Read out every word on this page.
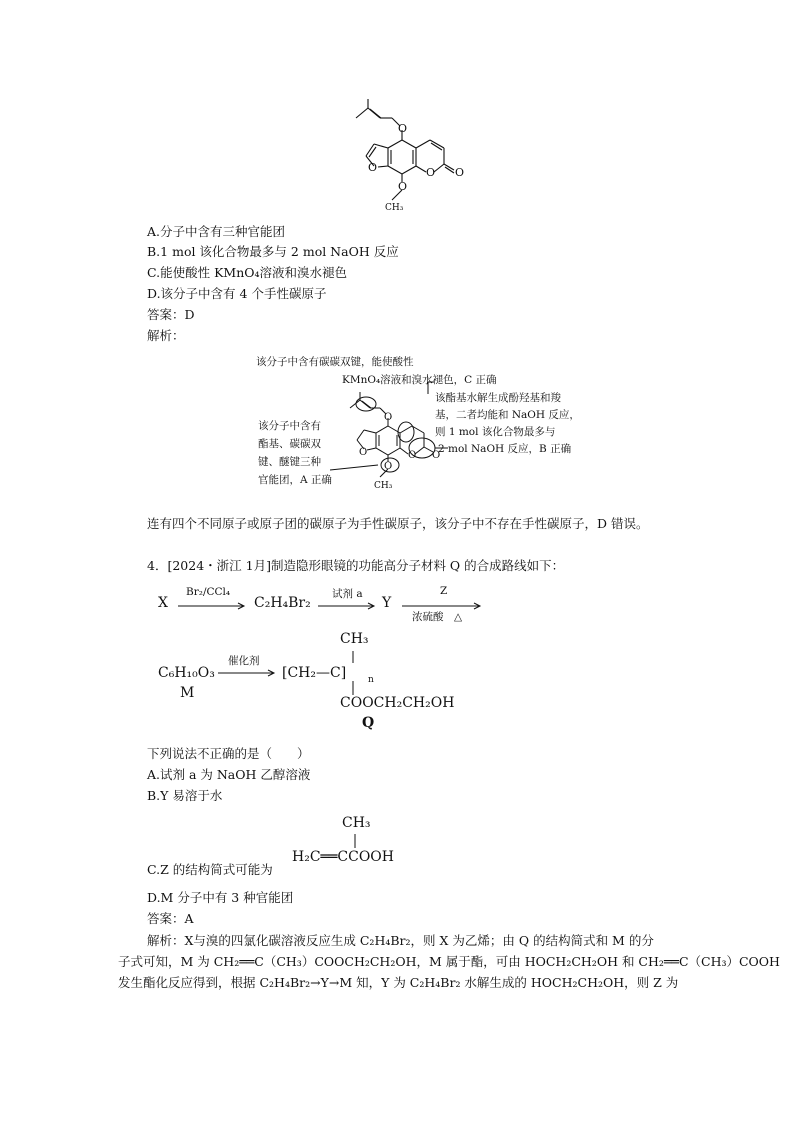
O
O	O O
O
CH₃
A.分子中含有三种官能团
B.1 mol 该化合物最多与 2 mol NaOH 反应
C.能使酸性 KMnO₄溶液和溴水褪色
D.该分子中含有 4 个手性碳原子
答案：D
解析：
该分子中含有碳碳双键，能使酸性
KMnO₄溶液和溴水褪色，C 正确
该酯基水解生成酚羟基和羧
基，二者均能和 NaOH 反应，
则 1 mol 该化合物最多与
2 mol NaOH 反应，B 正确
该分子中含有
酯基、碳碳双
键、醚键三种
官能团，A 正确
O
O	O O
O
CH₃
连有四个不同原子或原子团的碳原子为手性碳原子，该分子中不存在手性碳原子，D 错误。
4．[2024・浙江 1月]制造隐形眼镜的功能高分子材料 Q 的合成路线如下：
X
Br₂/CCl₄
C₂H₄Br₂
试剂 a
Y
Z
浓硫酸　△
C₆H₁₀O₃
M
催化剂
CH₃
[CH₂—C] n
COOCH₂CH₂OH
Q
下列说法不正确的是（　　）
A.试剂 a 为 NaOH 乙醇溶液
B.Y 易溶于水
CH₃
C.Z 的结构简式可能为
H₂C══CCOOH
D.M 分子中有 3 种官能团
答案：A
解析：X与溴的四氯化碳溶液反应生成 C₂H₄Br₂，则 X 为乙烯；由 Q 的结构简式和 M 的分
子式可知，M 为 CH₂══C（CH₃）COOCH₂CH₂OH，M 属于酯，可由 HOCH₂CH₂OH 和 CH₂══C（CH₃）COOH
发生酯化反应得到，根据 C₂H₄Br₂→Y→M 知，Y 为 C₂H₄Br₂ 水解生成的 HOCH₂CH₂OH，则 Z 为
